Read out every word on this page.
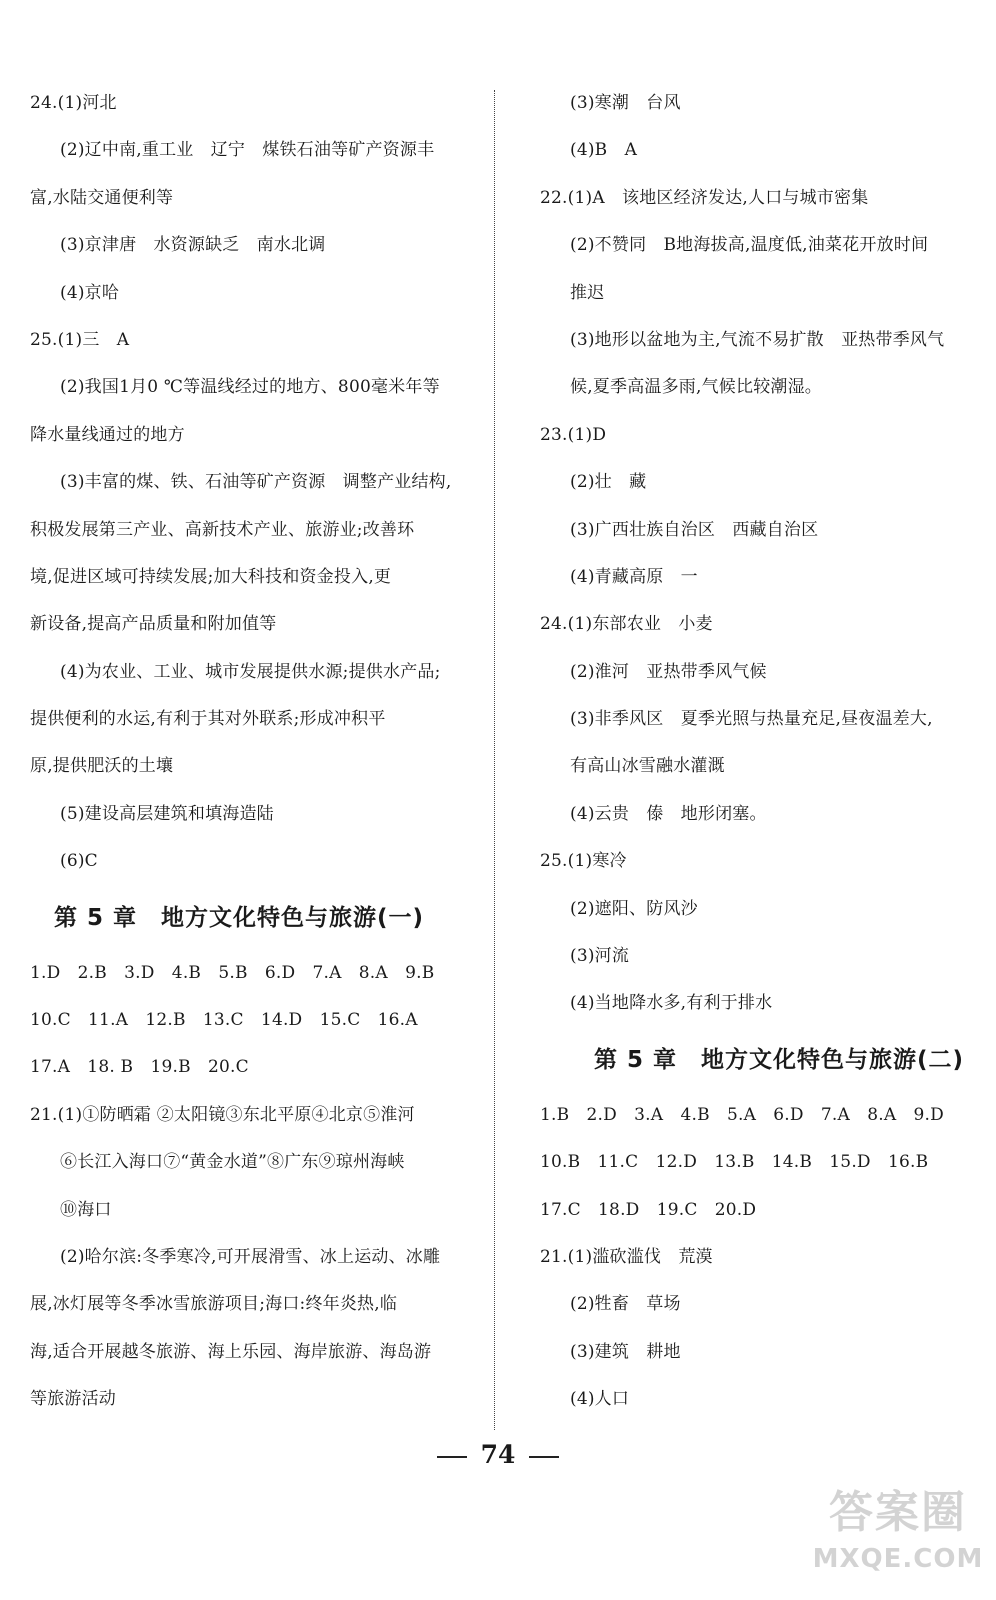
24.(1)河北
(2)辽中南,重工业　辽宁　煤铁石油等矿产资源丰
富,水陆交通便利等
(3)京津唐　水资源缺乏　南水北调
(4)京哈
25.(1)三　A
(2)我国1月0 ℃等温线经过的地方、800毫米年等
降水量线通过的地方
(3)丰富的煤、铁、石油等矿产资源　调整产业结构,
积极发展第三产业、高新技术产业、旅游业;改善环
境,促进区域可持续发展;加大科技和资金投入,更
新设备,提高产品质量和附加值等
(4)为农业、工业、城市发展提供水源;提供水产品;
提供便利的水运,有利于其对外联系;形成冲积平
原,提供肥沃的土壤
(5)建设高层建筑和填海造陆
(6)C
第 5 章　地方文化特色与旅游(一)
1.D　2.B　3.D　4.B　5.B　6.D　7.A　8.A　9.B
10.C　11.A　12.B　13.C　14.D　15.C　16.A
17.A　18. B　19.B　20.C
21.(1)①防晒霜 ②太阳镜③东北平原④北京⑤淮河
⑥长江入海口⑦“黄金水道”⑧广东⑨琼州海峡
⑩海口
(2)哈尔滨:冬季寒冷,可开展滑雪、冰上运动、冰雕
展,冰灯展等冬季冰雪旅游项目;海口:终年炎热,临
海,适合开展越冬旅游、海上乐园、海岸旅游、海岛游
等旅游活动
(3)寒潮　台风
(4)B　A
22.(1)A　该地区经济发达,人口与城市密集
(2)不赞同　B地海拔高,温度低,油菜花开放时间
推迟
(3)地形以盆地为主,气流不易扩散　亚热带季风气
候,夏季高温多雨,气候比较潮湿。
23.(1)D
(2)壮　藏
(3)广西壮族自治区　西藏自治区
(4)青藏高原　一
24.(1)东部农业　小麦
(2)淮河　亚热带季风气候
(3)非季风区　夏季光照与热量充足,昼夜温差大,
有高山冰雪融水灌溉
(4)云贵　傣　地形闭塞。
25.(1)寒冷
(2)遮阳、防风沙
(3)河流
(4)当地降水多,有利于排水
第 5 章　地方文化特色与旅游(二)
1.B　2.D　3.A　4.B　5.A　6.D　7.A　8.A　9.D
10.B　11.C　12.D　13.B　14.B　15.D　16.B
17.C　18.D　19.C　20.D
21.(1)滥砍滥伐　荒漠
(2)牲畜　草场
(3)建筑　耕地
(4)人口
74
答案圈
MXQE.COM
